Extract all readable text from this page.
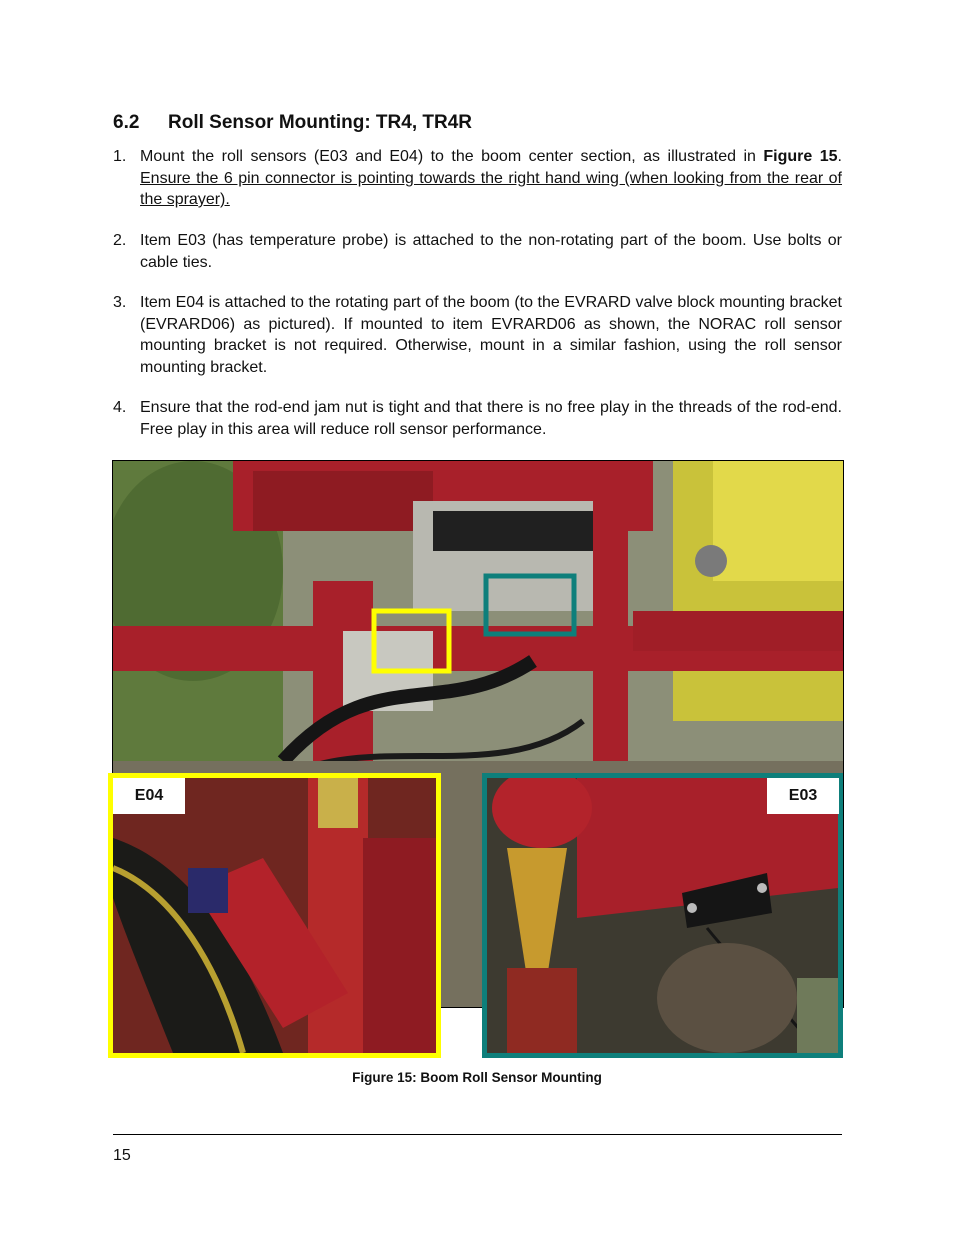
6.2 Roll Sensor Mounting: TR4, TR4R
1. Mount the roll sensors (E03 and E04) to the boom center section, as illustrated in Figure 15. Ensure the 6 pin connector is pointing towards the right hand wing (when looking from the rear of the sprayer).
2. Item E03 (has temperature probe) is attached to the non-rotating part of the boom. Use bolts or cable ties.
3. Item E04 is attached to the rotating part of the boom (to the EVRARD valve block mounting bracket (EVRARD06) as pictured). If mounted to item EVRARD06 as shown, the NORAC roll sensor mounting bracket is not required. Otherwise, mount in a similar fashion, using the roll sensor mounting bracket.
4. Ensure that the rod-end jam nut is tight and that there is no free play in the threads of the rod-end. Free play in this area will reduce roll sensor performance.
E04	E03
Figure 15: Boom Roll Sensor Mounting
15
